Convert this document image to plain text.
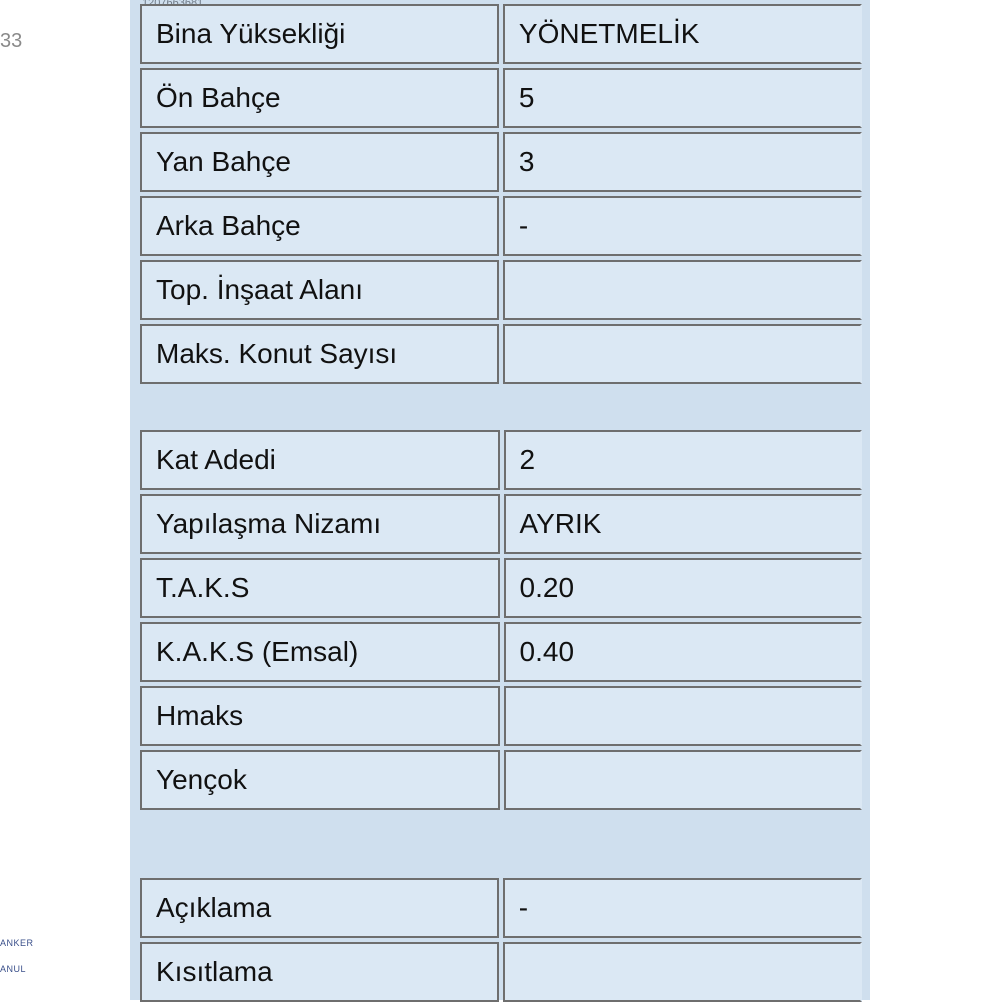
33
ANKER
ANUL
Bina Yüksekliği	YÖNETMELİK
Ön Bahçe	5
Yan Bahçe	3
Arka Bahçe	-
Top. İnşaat Alanı	
Maks. Konut Sayısı	
Kat Adedi	2
Yapılaşma Nizamı	AYRIK
T.A.K.S	0.20
K.A.K.S (Emsal)	0.40
Hmaks	
Yençok	
Açıklama	-
Kısıtlama	
